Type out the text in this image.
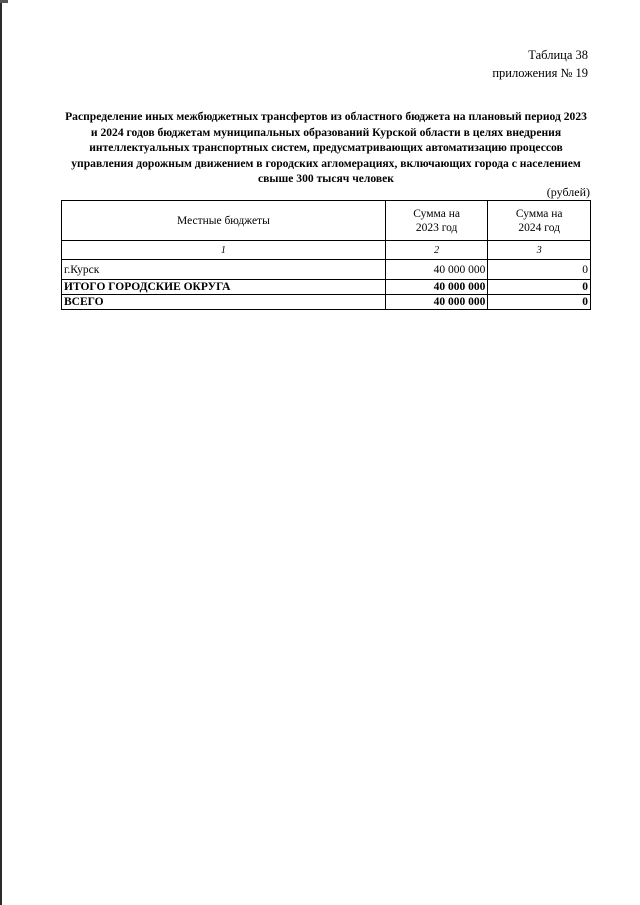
Таблица 38
приложения № 19
Распределение иных межбюджетных трансфертов из областного бюджета на плановый период 2023 и 2024 годов бюджетам муниципальных образований Курской области в целях внедрения интеллектуальных транспортных систем, предусматривающих автоматизацию процессов управления дорожным движением в городских агломерациях, включающих города с населением свыше 300 тысяч человек
(рублей)
Местные бюджеты	Сумма на 2023 год	Сумма на 2024 год
1	2	3
г.Курск	40 000 000	0
ИТОГО ГОРОДСКИЕ ОКРУГА	40 000 000	0
ВСЕГО	40 000 000	0
